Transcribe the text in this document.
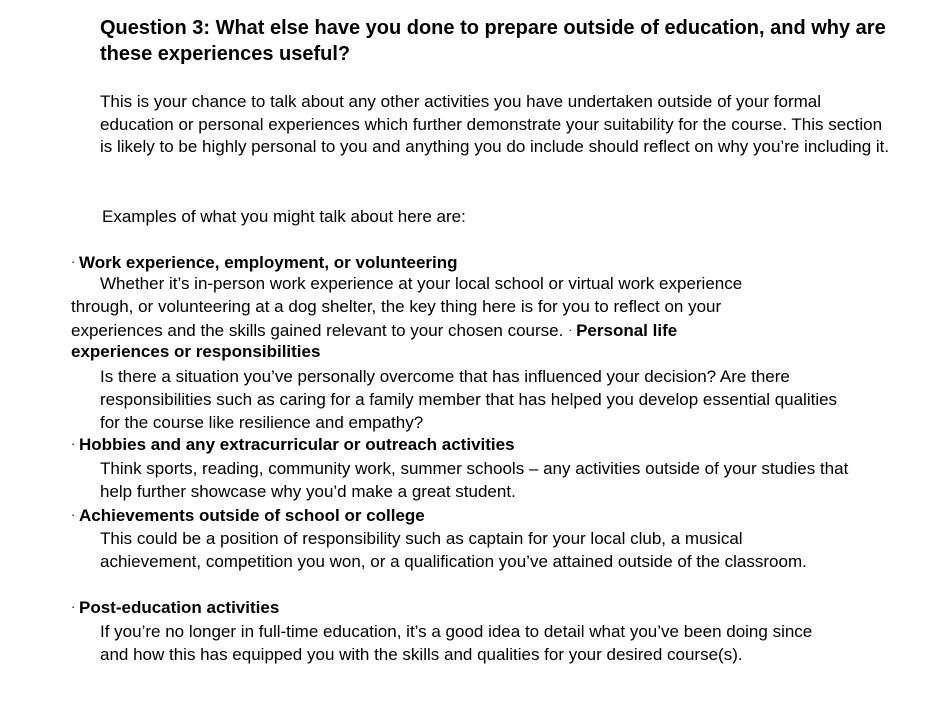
Question 3: What else have you done to prepare outside of education, and why are these experiences useful?

This is your chance to talk about any other activities you have undertaken outside of your formal education or personal experiences which further demonstrate your suitability for the course. This section is likely to be highly personal to you and anything you do include should reflect on why you’re including it.

Examples of what you might talk about here are:

· Work experience, employment, or volunteering

Whether it’s in-person work experience at your local school or virtual work experience

through, or volunteering at a dog shelter, the key thing here is for you to reflect on your

experiences and the skills gained relevant to your chosen course. · Personal life

experiences or responsibilities

Is there a situation you’ve personally overcome that has influenced your decision? Are there responsibilities such as caring for a family member that has helped you develop essential qualities for the course like resilience and empathy?

· Hobbies and any extracurricular or outreach activities

Think sports, reading, community work, summer schools – any activities outside of your studies that help further showcase why you’d make a great student.

· Achievements outside of school or college

This could be a position of responsibility such as captain for your local club, a musical achievement, competition you won, or a qualification you’ve attained outside of the classroom.

· Post-education activities

If you’re no longer in full-time education, it’s a good idea to detail what you’ve been doing since and how this has equipped you with the skills and qualities for your desired course(s).
